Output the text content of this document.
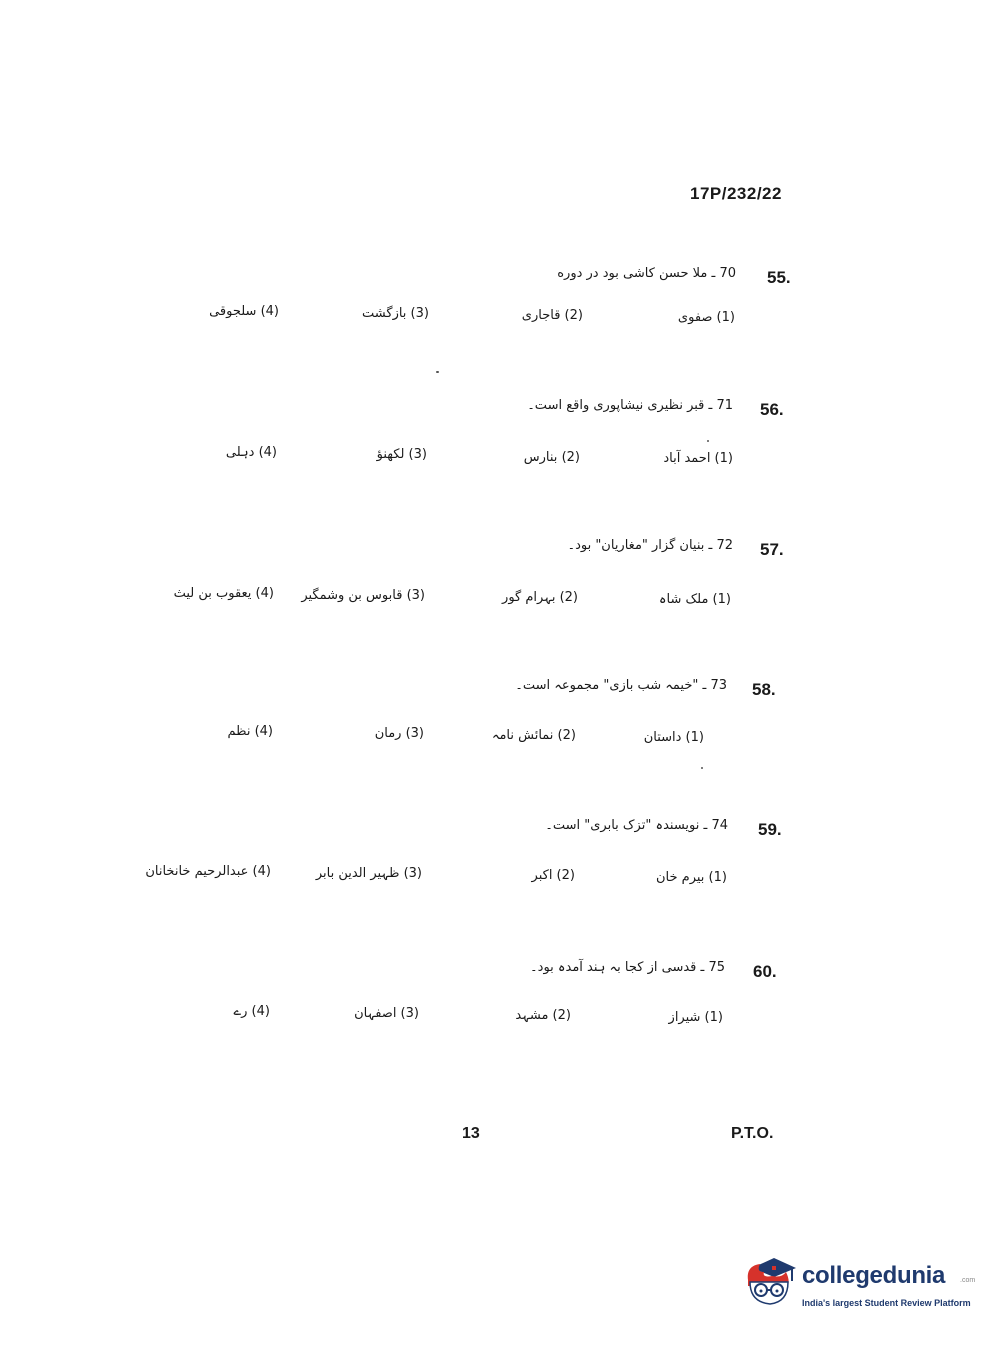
17P/232/22
55.
70 ـ ملا حسن کاشی بود در دوره
(1) صفوی
(2) قاجاری
(3) بازگشت
(4) سلجوقی
56.
71 ـ قبر نظیری نیشاپوری واقع است۔
(1) احمد آباد
(2) بنارس
(3) لکھنؤ
(4) دہلی
57.
72 ـ بنیان گزار "مغاریان" بود۔
(1) ملک شاہ
(2) بہرام گور
(3) قابوس بن وشمگیر
(4) یعقوب بن لیث
58.
73 ـ "خیمہ شب بازی" مجموعہ است۔
(1) داستان
(2) نمائش نامہ
(3) رمان
(4) نظم
59.
74 ـ نویسندہ "تزک بابری" است۔
(1) بیرم خان
(2) اکبر
(3) ظہیر الدین بابر
(4) عبدالرحیم خانخانان
60.
75 ـ قدسی از کجا بہ ہند آمدہ بود۔
(1) شیراز
(2) مشہد
(3) اصفہان
(4) رے
13	P.T.O.
collegedunia .com
India's largest Student Review Platform
